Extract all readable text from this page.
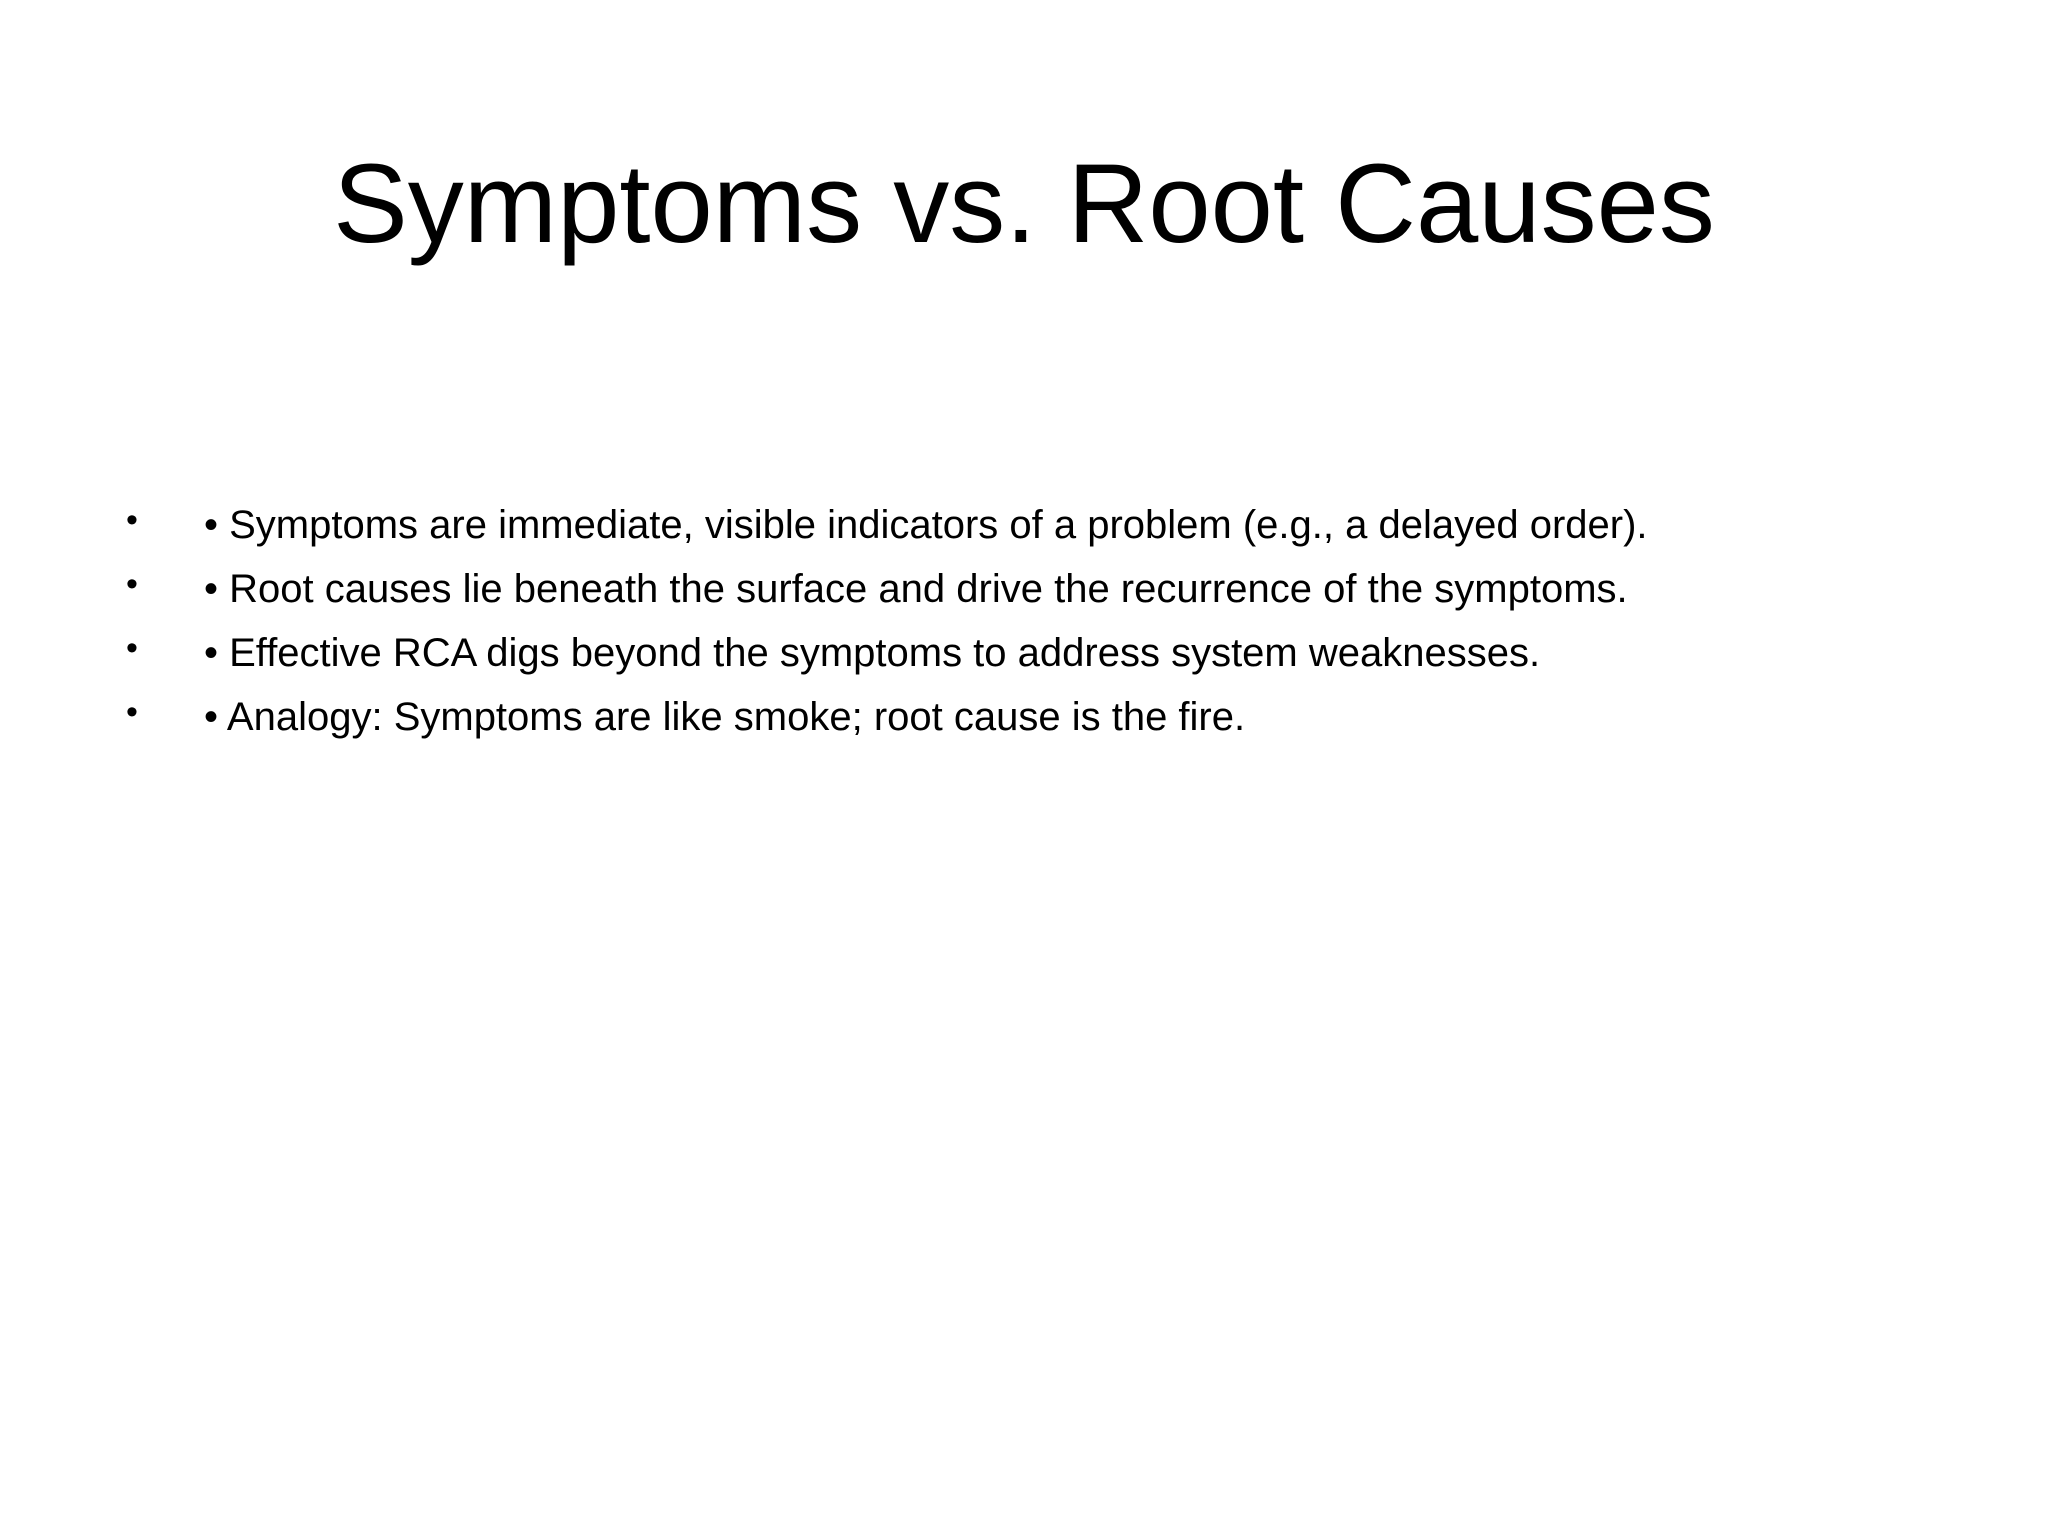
Symptoms vs. Root Causes
•	• Symptoms are immediate, visible indicators of a problem (e.g., a delayed order).
•	• Root causes lie beneath the surface and drive the recurrence of the symptoms.
•	• Effective RCA digs beyond the symptoms to address system weaknesses.
•	• Analogy: Symptoms are like smoke; root cause is the fire.
